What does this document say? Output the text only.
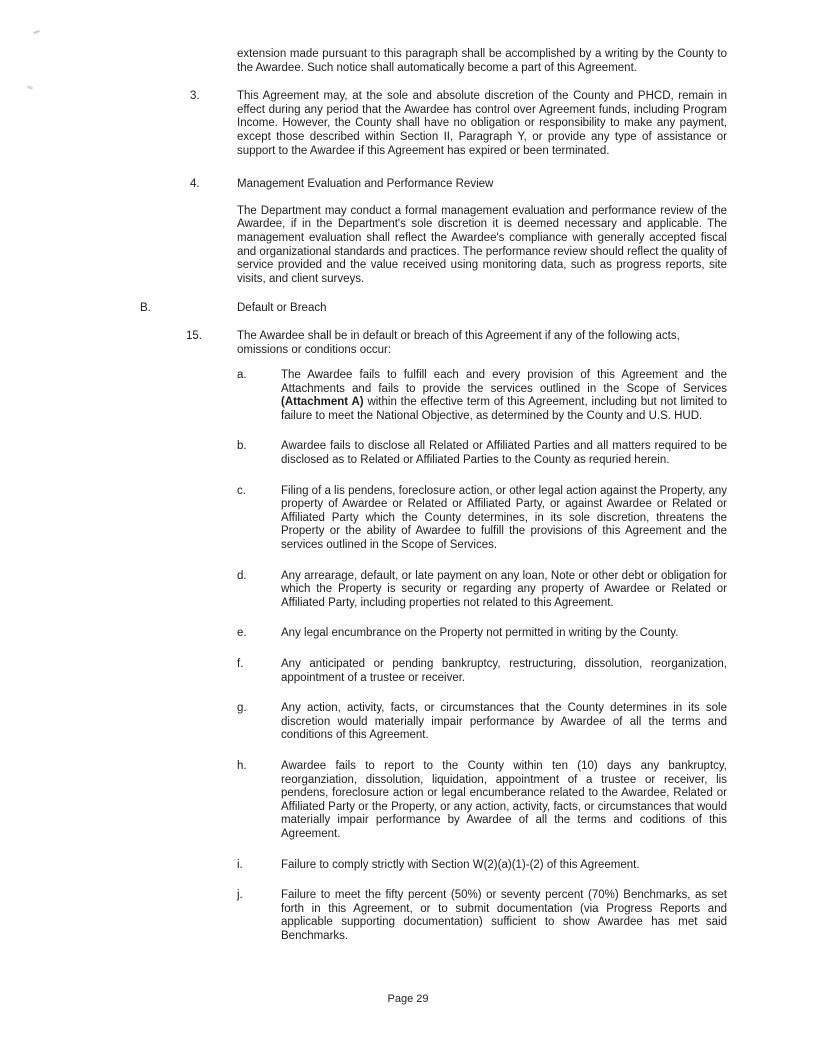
extension made pursuant to this paragraph shall be accomplished by a writing by the County to the Awardee. Such notice shall automatically become a part of this Agreement.

3.	This Agreement may, at the sole and absolute discretion of the County and PHCD, remain in effect during any period that the Awardee has control over Agreement funds, including Program Income. However, the County shall have no obligation or responsibility to make any payment, except those described within Section II, Paragraph Y, or provide any type of assistance or support to the Awardee if this Agreement has expired or been terminated.

4.	Management Evaluation and Performance Review

The Department may conduct a formal management evaluation and performance review of the Awardee, if in the Department's sole discretion it is deemed necessary and applicable. The management evaluation shall reflect the Awardee's compliance with generally accepted fiscal and organizational standards and practices. The performance review should reflect the quality of service provided and the value received using monitoring data, such as progress reports, site visits, and client surveys.

B.	Default or Breach

15.	The Awardee shall be in default or breach of this Agreement if any of the following acts, omissions or conditions occur:

a.	The Awardee fails to fulfill each and every provision of this Agreement and the Attachments and fails to provide the services outlined in the Scope of Services (Attachment A) within the effective term of this Agreement, including but not limited to failure to meet the National Objective, as determined by the County and U.S. HUD.

b.	Awardee fails to disclose all Related or Affiliated Parties and all matters required to be disclosed as to Related or Affiliated Parties to the County as requried herein.

c.	Filing of a lis pendens, foreclosure action, or other legal action against the Property, any property of Awardee or Related or Affiliated Party, or against Awardee or Related or Affiliated Party which the County determines, in its sole discretion, threatens the Property or the ability of Awardee to fulfill the provisions of this Agreement and the services outlined in the Scope of Services.

d.	Any arrearage, default, or late payment on any loan, Note or other debt or obligation for which the Property is security or regarding any property of Awardee or Related or Affiliated Party, including properties not related to this Agreement.

e.	Any legal encumbrance on the Property not permitted in writing by the County.

f.	Any anticipated or pending bankruptcy, restructuring, dissolution, reorganization, appointment of a trustee or receiver.

g.	Any action, activity, facts, or circumstances that the County determines in its sole discretion would materially impair performance by Awardee of all the terms and conditions of this Agreement.

h.	Awardee fails to report to the County within ten (10) days any bankruptcy, reorganziation, dissolution, liquidation, appointment of a trustee or receiver, lis pendens, foreclosure action or legal encumberance related to the Awardee, Related or Affiliated Party or the Property, or any action, activity, facts, or circumstances that would materially impair performance by Awardee of all the terms and coditions of this Agreement.

i.	Failure to comply strictly with Section W(2)(a)(1)-(2) of this Agreement.

j.	Failure to meet the fifty percent (50%) or seventy percent (70%) Benchmarks, as set forth in this Agreement, or to submit documentation (via Progress Reports and applicable supporting documentation) sufficient to show Awardee has met said Benchmarks.

Page 29
